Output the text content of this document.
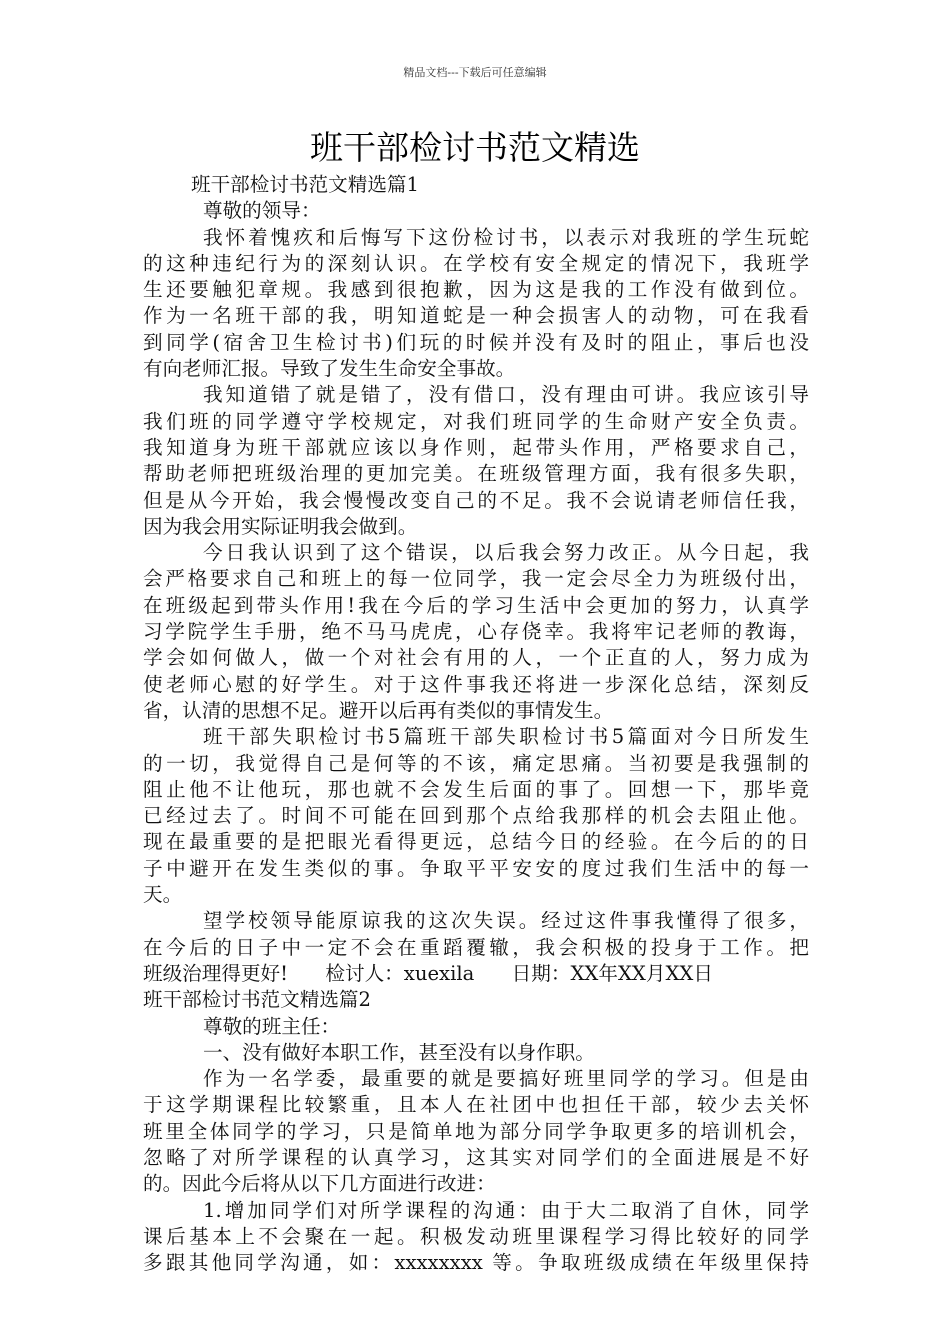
精品文档---下载后可任意编辑
班干部检讨书范文精选
班干部检讨书范文精选篇1
尊敬的领导：
我怀着愧疚和后悔写下这份检讨书，以表示对我班的学生玩蛇
的这种违纪行为的深刻认识。在学校有安全规定的情况下，我班学
生还要触犯章规。我感到很抱歉，因为这是我的工作没有做到位。
作为一名班干部的我，明知道蛇是一种会损害人的动物，可在我看
到同学(宿舍卫生检讨书)们玩的时候并没有及时的阻止，事后也没
有向老师汇报。导致了发生生命安全事故。
我知道错了就是错了，没有借口，没有理由可讲。我应该引导
我们班的同学遵守学校规定，对我们班同学的生命财产安全负责。
我知道身为班干部就应该以身作则，起带头作用，严格要求自己，
帮助老师把班级治理的更加完美。在班级管理方面，我有很多失职，
但是从今开始，我会慢慢改变自己的不足。我不会说请老师信任我，
因为我会用实际证明我会做到。
今日我认识到了这个错误，以后我会努力改正。从今日起，我
会严格要求自己和班上的每一位同学，我一定会尽全力为班级付出，
在班级起到带头作用!我在今后的学习生活中会更加的努力，认真学
习学院学生手册，绝不马马虎虎，心存侥幸。我将牢记老师的教诲，
学会如何做人，做一个对社会有用的人，一个正直的人，努力成为
使老师心慰的好学生。对于这件事我还将进一步深化总结，深刻反
省，认清的思想不足。避开以后再有类似的事情发生。
班干部失职检讨书5篇班干部失职检讨书5篇面对今日所发生
的一切，我觉得自己是何等的不该，痛定思痛。当初要是我强制的
阻止他不让他玩，那也就不会发生后面的事了。回想一下，那毕竟
已经过去了。时间不可能在回到那个点给我那样的机会去阻止他。
现在最重要的是把眼光看得更远，总结今日的经验。在今后的的日
子中避开在发生类似的事。争取平平安安的度过我们生活中的每一
天。
望学校领导能原谅我的这次失误。经过这件事我懂得了很多，
在今后的日子中一定不会在重蹈覆辙，我会积极的投身于工作。把
班级治理得更好!      检讨人：xuexila      日期：XX年XX月XX日
班干部检讨书范文精选篇2
尊敬的班主任：
一、没有做好本职工作，甚至没有以身作职。
作为一名学委，最重要的就是要搞好班里同学的学习。但是由
于这学期课程比较繁重，且本人在社团中也担任干部，较少去关怀
班里全体同学的学习，只是简单地为部分同学争取更多的培训机会，
忽略了对所学课程的认真学习，这其实对同学们的全面进展是不好
的。因此今后将从以下几方面进行改进：
1.增加同学们对所学课程的沟通：由于大二取消了自休，同学
课后基本上不会聚在一起。积极发动班里课程学习得比较好的同学
多跟其他同学沟通，如：xxxxxxxx 等。争取班级成绩在年级里保持
